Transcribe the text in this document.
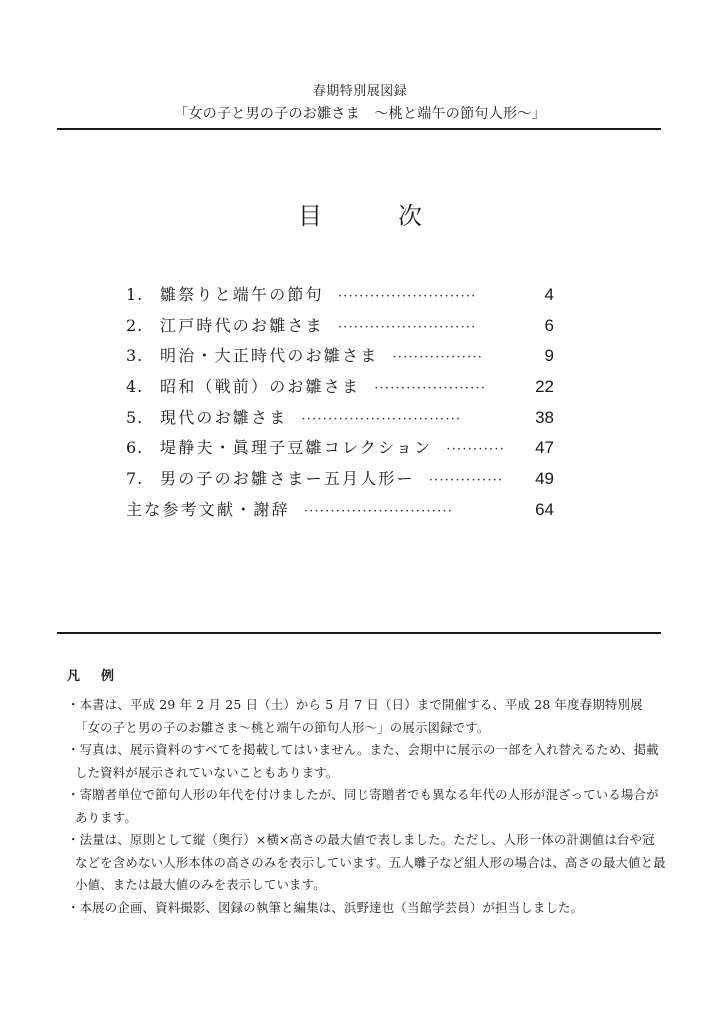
春期特別展図録
「女の子と男の子のお雛さま　～桃と端午の節句人形～」
目　次
1.	雛祭りと端午の節句 ··························	4
2.	江戸時代のお雛さま ··························	6
3.	明治・大正時代のお雛さま ·················	9
4.	昭和（戦前）のお雛さま ·····················	22
5.	現代のお雛さま ······························	38
6.	堤静夫・眞理子豆雛コレクション ···········	47
7.	男の子のお雛さまー五月人形ー ··············	49
主な参考文献・謝辞 ····························	64
凡　例
・本書は、平成 29 年 2 月 25 日（土）から 5 月 7 日（日）まで開催する、平成 28 年度春期特別展「女の子と男の子のお雛さま～桃と端午の節句人形～」の展示図録です。
・写真は、展示資料のすべてを掲載してはいません。また、会期中に展示の一部を入れ替えるため、掲載した資料が展示されていないこともあります。
・寄贈者単位で節句人形の年代を付けましたが、同じ寄贈者でも異なる年代の人形が混ざっている場合があります。
・法量は、原則として縦（奥行）×横×高さの最大値で表しました。ただし、人形一体の計測値は台や冠などを含めない人形本体の高さのみを表示しています。五人囃子など組人形の場合は、高さの最大値と最小値、または最大値のみを表示しています。
・本展の企画、資料撮影、図録の執筆と編集は、浜野達也（当館学芸員）が担当しました。
